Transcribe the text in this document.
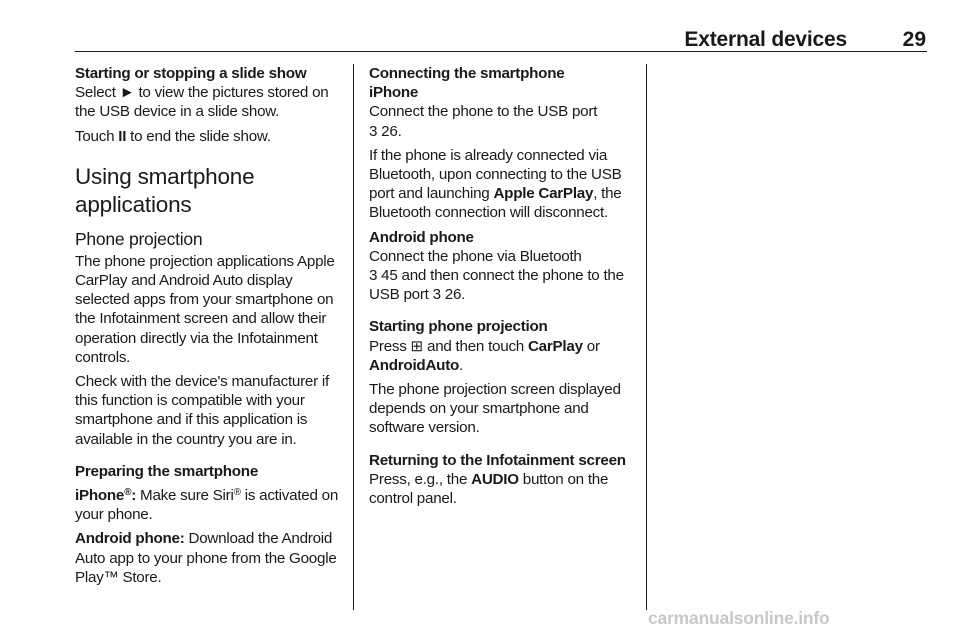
External devices	29

Starting or stopping a slide show

Select ► to view the pictures stored on the USB device in a slide show.

Touch II to end the slide show.

Using smartphone applications

Phone projection

The phone projection applications Apple CarPlay and Android Auto display selected apps from your smartphone on the Infotainment screen and allow their operation directly via the Infotainment controls.

Check with the device's manufacturer if this function is compatible with your smartphone and if this application is available in the country you are in.

Preparing the smartphone

iPhone®: Make sure Siri® is activated on your phone.

Android phone: Download the Android Auto app to your phone from the Google Play™ Store.

Connecting the smartphone

iPhone

Connect the phone to the USB port
3 26.

If the phone is already connected via Bluetooth, upon connecting to the USB port and launching Apple CarPlay, the Bluetooth connection will disconnect.

Android phone

Connect the phone via Bluetooth
3 45 and then connect the phone to the USB port 3 26.

Starting phone projection

Press ⊞ and then touch CarPlay or
AndroidAuto.

The phone projection screen displayed depends on your smartphone and software version.

Returning to the Infotainment screen

Press, e.g., the AUDIO button on the control panel.

carmanualsonline.info
